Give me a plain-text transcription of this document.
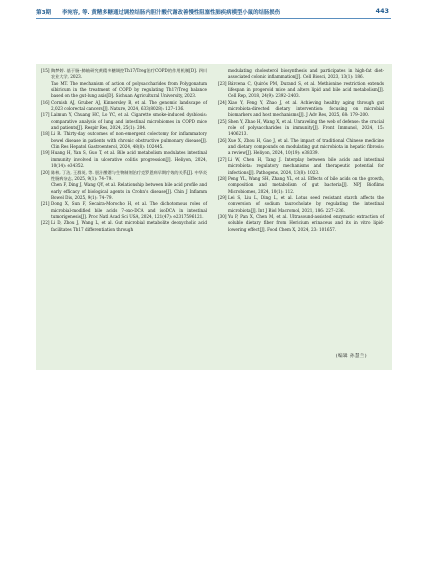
第3期 李宛容, 等. 黄精多糖通过调控结肠内胆汁酸代谢改善慢性阻塞性肺疾病模型小鼠的结肠损伤	443
[15] 陶梦婷. 基于肠–肺轴研究黄精多糖调控Th17/Treg治疗COPD的作用机制[D]. 四川农业大学, 2023.
Tao MT. The mechanism of action of polysaccharides from Polygonatum sibiricum in the treatment of COPD by regulating Th17/Treg balance based on the gut-lung axis[D]. Sichuan Agricultural University, 2023.
[16] Cornish AJ, Gruber AJ, Kinnersley B, et al. The genomic landscape of 2,023 colorectal cancers[J]. Nature, 2024, 633(8028): 127–136.
[17] Laimun Y, Chuang HC, Lo YC, et al. Cigarette smoke-induced dysbiosis: comparative analysis of lung and intestinal microbiomes in COPD mice and patients[J]. Respir Res, 2024, 25(1): 204.
[18] Li R. Thirty-day outcomes of non-emergent colectomy for inflammatory bowel disease in patients with chronic obstructive pulmonary disease[J]. Clin Res Hepatol Gastroenterol, 2024, 48(8): 102445.
[19] Huang H, Yan S, Guo T, et al. Bile acid metabolism modulates intestinal immunity involved in ulcerative colitis progression[J]. Heliyon, 2024, 10(14): e34352.
[20] 陈林, 丁洁, 王群英, 等. 胆汁酸谱与生物制剂治疗克罗恩病早期疗效的关系[J]. 中华炎性肠病杂志, 2025, 9(1): 74–79.
Chen F, Ding J, Wang QY, et al. Relationship between bile acid profile and early efficacy of biological agents in Crohn's disease[J]. Chin J Inflamm Bowel Dis, 2025, 9(1): 74–79.
[21] Dong X, Sun F, Secaira-Morocho H, et al. The dichotomous roles of microbial-modified bile acids 7-oxo-DCA and isoDCA in intestinal tumorigenesis[J]. Proc Natl Acad Sci USA, 2024, 121(47): e2317596121.
[22] Li D, Zhou J, Wang L, et al. Gut microbial metabolite deoxycholic acid facilitates Th17 differentiation through
modulating cholesterol biosynthesis and participates in high-fat diet-associated colonic inflammation[J]. Cell Biosci, 2023, 13(1): 186.
[23] Bárcena C, Quirós PM, Durand S, et al. Methionine restriction extends lifespan in progeroid mice and alters lipid and bile acid metabolism[J]. Cell Rep, 2018, 24(9): 2392–2403.
[24] Xiao Y, Feng Y, Zhao J, et al. Achieving healthy aging through gut microbiota-directed dietary intervention: focusing on microbial biomarkers and host mechanisms[J]. J Adv Res, 2025, 68: 179–200.
[25] Shen Y, Zhao H, Wang X, et al. Unraveling the web of defense: the crucial role of polysaccharides in immunity[J]. Front Immunol, 2024, 15: 1406213.
[26] Xue X, Zhou H, Gao J, et al. The impact of traditional Chinese medicine and dietary compounds on modulating gut microbiota in hepatic fibrosis: a review[J]. Heliyon, 2024, 10(19): e38339.
[27] Li W, Chen H, Tang J. Interplay between bile acids and intestinal microbiota: regulatory mechanisms and therapeutic potential for infections[J]. Pathogens, 2024, 13(8): 1023.
[28] Peng YL, Wang SH, Zhang YL, et al. Effects of bile acids on the growth, composition and metabolism of gut bacteria[J]. NPJ Biofilms Microbiomes, 2024, 10(1): 112.
[29] Lei S, Liu L, Ding L, et al. Lotus seed resistant starch affects the conversion of sodium taurocholate by regulating the intestinal microbiota[J]. Int J Biol Macromol, 2021, 186: 227–236.
[30] Yu P, Pan X, Chen M, et al. Ultrasound-assisted enzymatic extraction of soluble dietary fiber from Hericium erinaceus and its in vitro lipid-lowering effect[J]. Food Chem X, 2024, 23: 101657.
(编辑 孙慧兰)
